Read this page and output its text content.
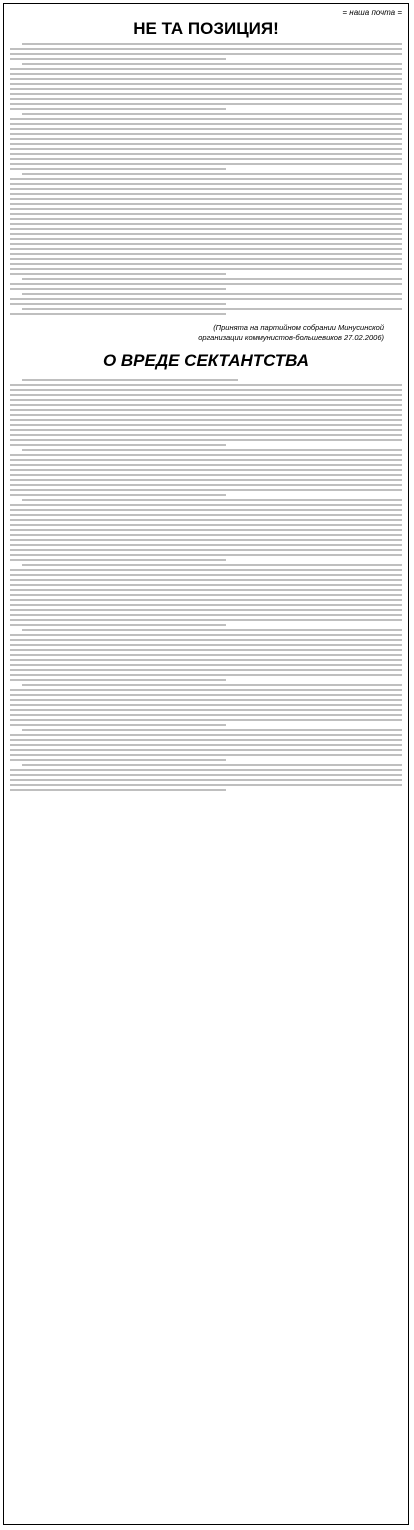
= наша почта =
НЕ ТА ПОЗИЦИЯ!
(Принята на партийном собрании Минусинской
организации коммунистов-большевиков 27.02.2006)
О ВРЕДЕ СЕКТАНТСТВА
